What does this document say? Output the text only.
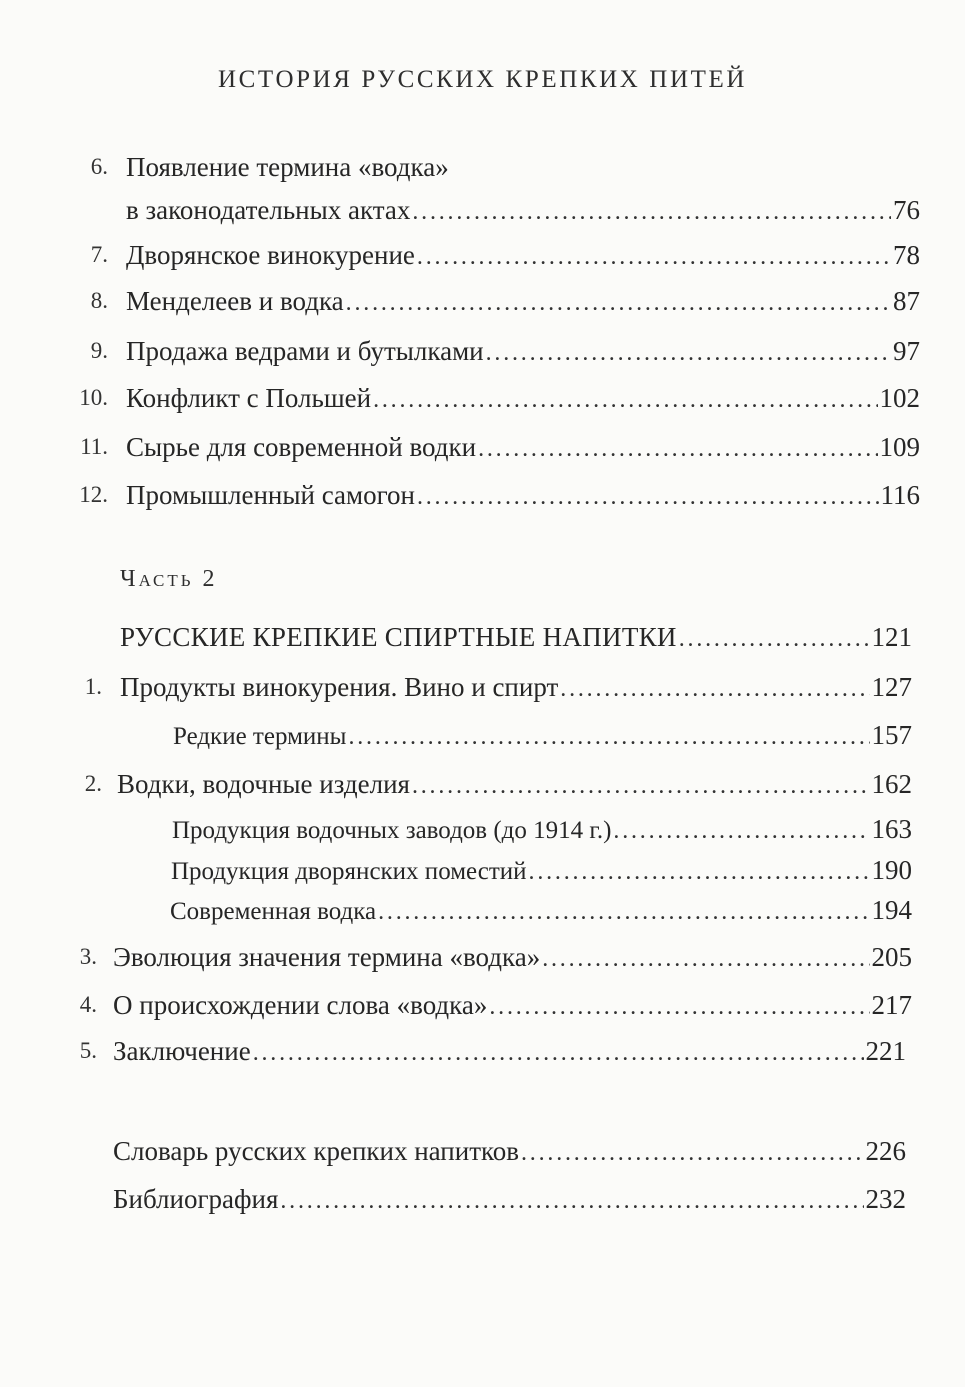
ИСТОРИЯ РУССКИХ КРЕПКИХ ПИТЕЙ
6. Появление термина «водка»
в законодательных актах . . .	76
7. Дворянское винокурение . . .	78
8. Менделеев и водка . . .	87
9. Продажа ведрами и бутылками . . .	97
10. Конфликт с Польшей . . .	102
11. Сырье для современной водки . . .	109
12. Промышленный самогон . . .	116
Часть 2
РУССКИЕ КРЕПКИЕ СПИРТНЫЕ НАПИТКИ . . .	121
1. Продукты винокурения. Вино и спирт . . .	127
Редкие термины . . .	157
2. Водки, водочные изделия . . .	162
Продукция водочных заводов (до 1914 г.) . . .	163
Продукция дворянских поместий . . .	190
Современная водка . . .	194
3. Эволюция значения термина «водка» . . .	205
4. О происхождении слова «водка» . . .	217
5. Заключение . . .	221
Словарь русских крепких напитков . . .	226
Библиография . . .	232
